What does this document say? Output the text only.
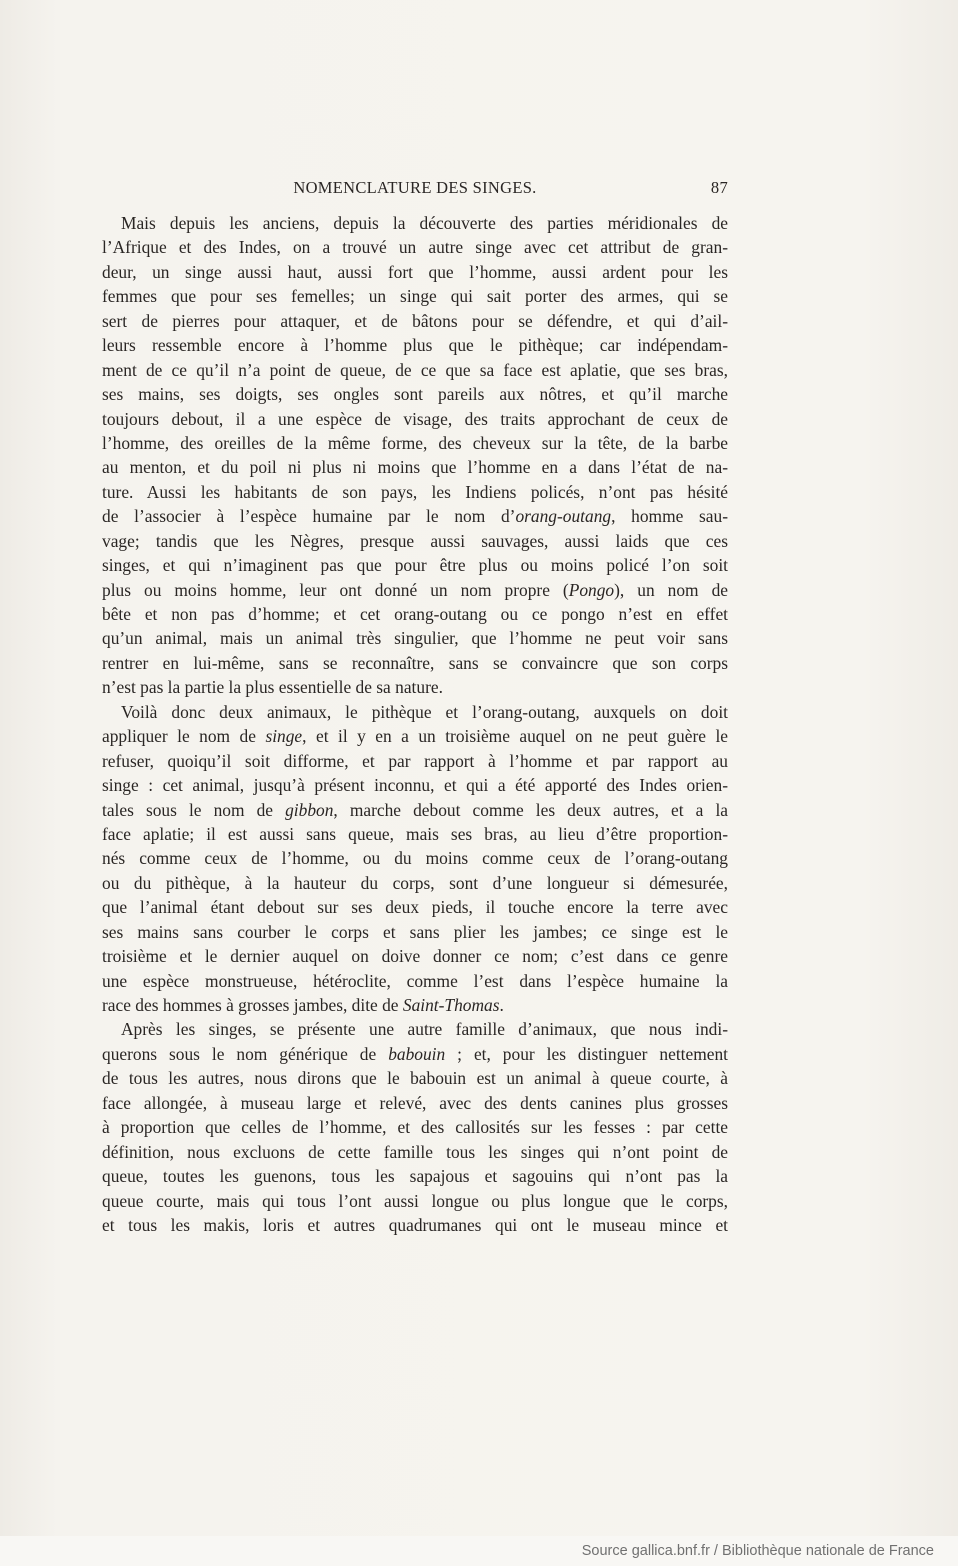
NOMENCLATURE DES SINGES.	87
Mais depuis les anciens, depuis la découverte des parties méridionales de
l’Afrique et des Indes, on a trouvé un autre singe avec cet attribut de gran-
deur, un singe aussi haut, aussi fort que l’homme, aussi ardent pour les
femmes que pour ses femelles; un singe qui sait porter des armes, qui se
sert de pierres pour attaquer, et de bâtons pour se défendre, et qui d’ail-
leurs ressemble encore à l’homme plus que le pithèque; car indépendam-
ment de ce qu’il n’a point de queue, de ce que sa face est aplatie, que ses bras,
ses mains, ses doigts, ses ongles sont pareils aux nôtres, et qu’il marche
toujours debout, il a une espèce de visage, des traits approchant de ceux de
l’homme, des oreilles de la même forme, des cheveux sur la tête, de la barbe
au menton, et du poil ni plus ni moins que l’homme en a dans l’état de na-
ture. Aussi les habitants de son pays, les Indiens policés, n’ont pas hésité
de l’associer à l’espèce humaine par le nom d’orang-outang, homme sau-
vage; tandis que les Nègres, presque aussi sauvages, aussi laids que ces
singes, et qui n’imaginent pas que pour être plus ou moins policé l’on soit
plus ou moins homme, leur ont donné un nom propre (Pongo), un nom de
bête et non pas d’homme; et cet orang-outang ou ce pongo n’est en effet
qu’un animal, mais un animal très singulier, que l’homme ne peut voir sans
rentrer en lui-même, sans se reconnaître, sans se convaincre que son corps
n’est pas la partie la plus essentielle de sa nature.
Voilà donc deux animaux, le pithèque et l’orang-outang, auxquels on doit
appliquer le nom de singe, et il y en a un troisième auquel on ne peut guère le
refuser, quoiqu’il soit difforme, et par rapport à l’homme et par rapport au
singe : cet animal, jusqu’à présent inconnu, et qui a été apporté des Indes orien-
tales sous le nom de gibbon, marche debout comme les deux autres, et a la
face aplatie; il est aussi sans queue, mais ses bras, au lieu d’être proportion-
nés comme ceux de l’homme, ou du moins comme ceux de l’orang-outang
ou du pithèque, à la hauteur du corps, sont d’une longueur si démesurée,
que l’animal étant debout sur ses deux pieds, il touche encore la terre avec
ses mains sans courber le corps et sans plier les jambes; ce singe est le
troisième et le dernier auquel on doive donner ce nom; c’est dans ce genre
une espèce monstrueuse, hétéroclite, comme l’est dans l’espèce humaine la
race des hommes à grosses jambes, dite de Saint-Thomas.
Après les singes, se présente une autre famille d’animaux, que nous indi-
querons sous le nom générique de babouin ; et, pour les distinguer nettement
de tous les autres, nous dirons que le babouin est un animal à queue courte, à
face allongée, à museau large et relevé, avec des dents canines plus grosses
à proportion que celles de l’homme, et des callosités sur les fesses : par cette
définition, nous excluons de cette famille tous les singes qui n’ont point de
queue, toutes les guenons, tous les sapajous et sagouins qui n’ont pas la
queue courte, mais qui tous l’ont aussi longue ou plus longue que le corps,
et tous les makis, loris et autres quadrumanes qui ont le museau mince et
Source gallica.bnf.fr / Bibliothèque nationale de France
